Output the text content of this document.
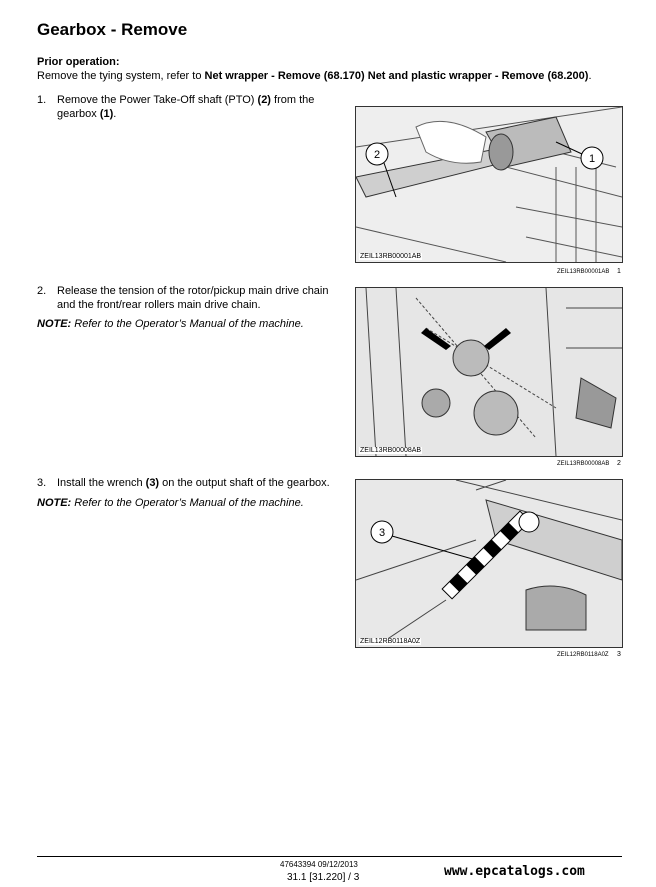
Gearbox - Remove
Prior operation:
Remove the tying system, refer to Net wrapper - Remove (68.170) Net and plastic wrapper - Remove (68.200).
1. Remove the Power Take-Off shaft (PTO) (2) from the
gearbox (1).
2	1
ZEIL13RB00001AB
ZEIL13RB00001AB 1
2. Release the tension of the rotor/pickup main drive chain
and the front/rear rollers main drive chain.
NOTE: Refer to the Operator’s Manual of the machine.
ZEIL13RB00008AB
ZEIL13RB00008AB 2
3. Install the wrench (3) on the output shaft of the gearbox.
NOTE: Refer to the Operator’s Manual of the machine.
3
ZEIL12RB0118A0Z
ZEIL12RB0118A0Z 3
47643394 09/12/2013
31.1 [31.220] / 3	www.epcatalogs.com
